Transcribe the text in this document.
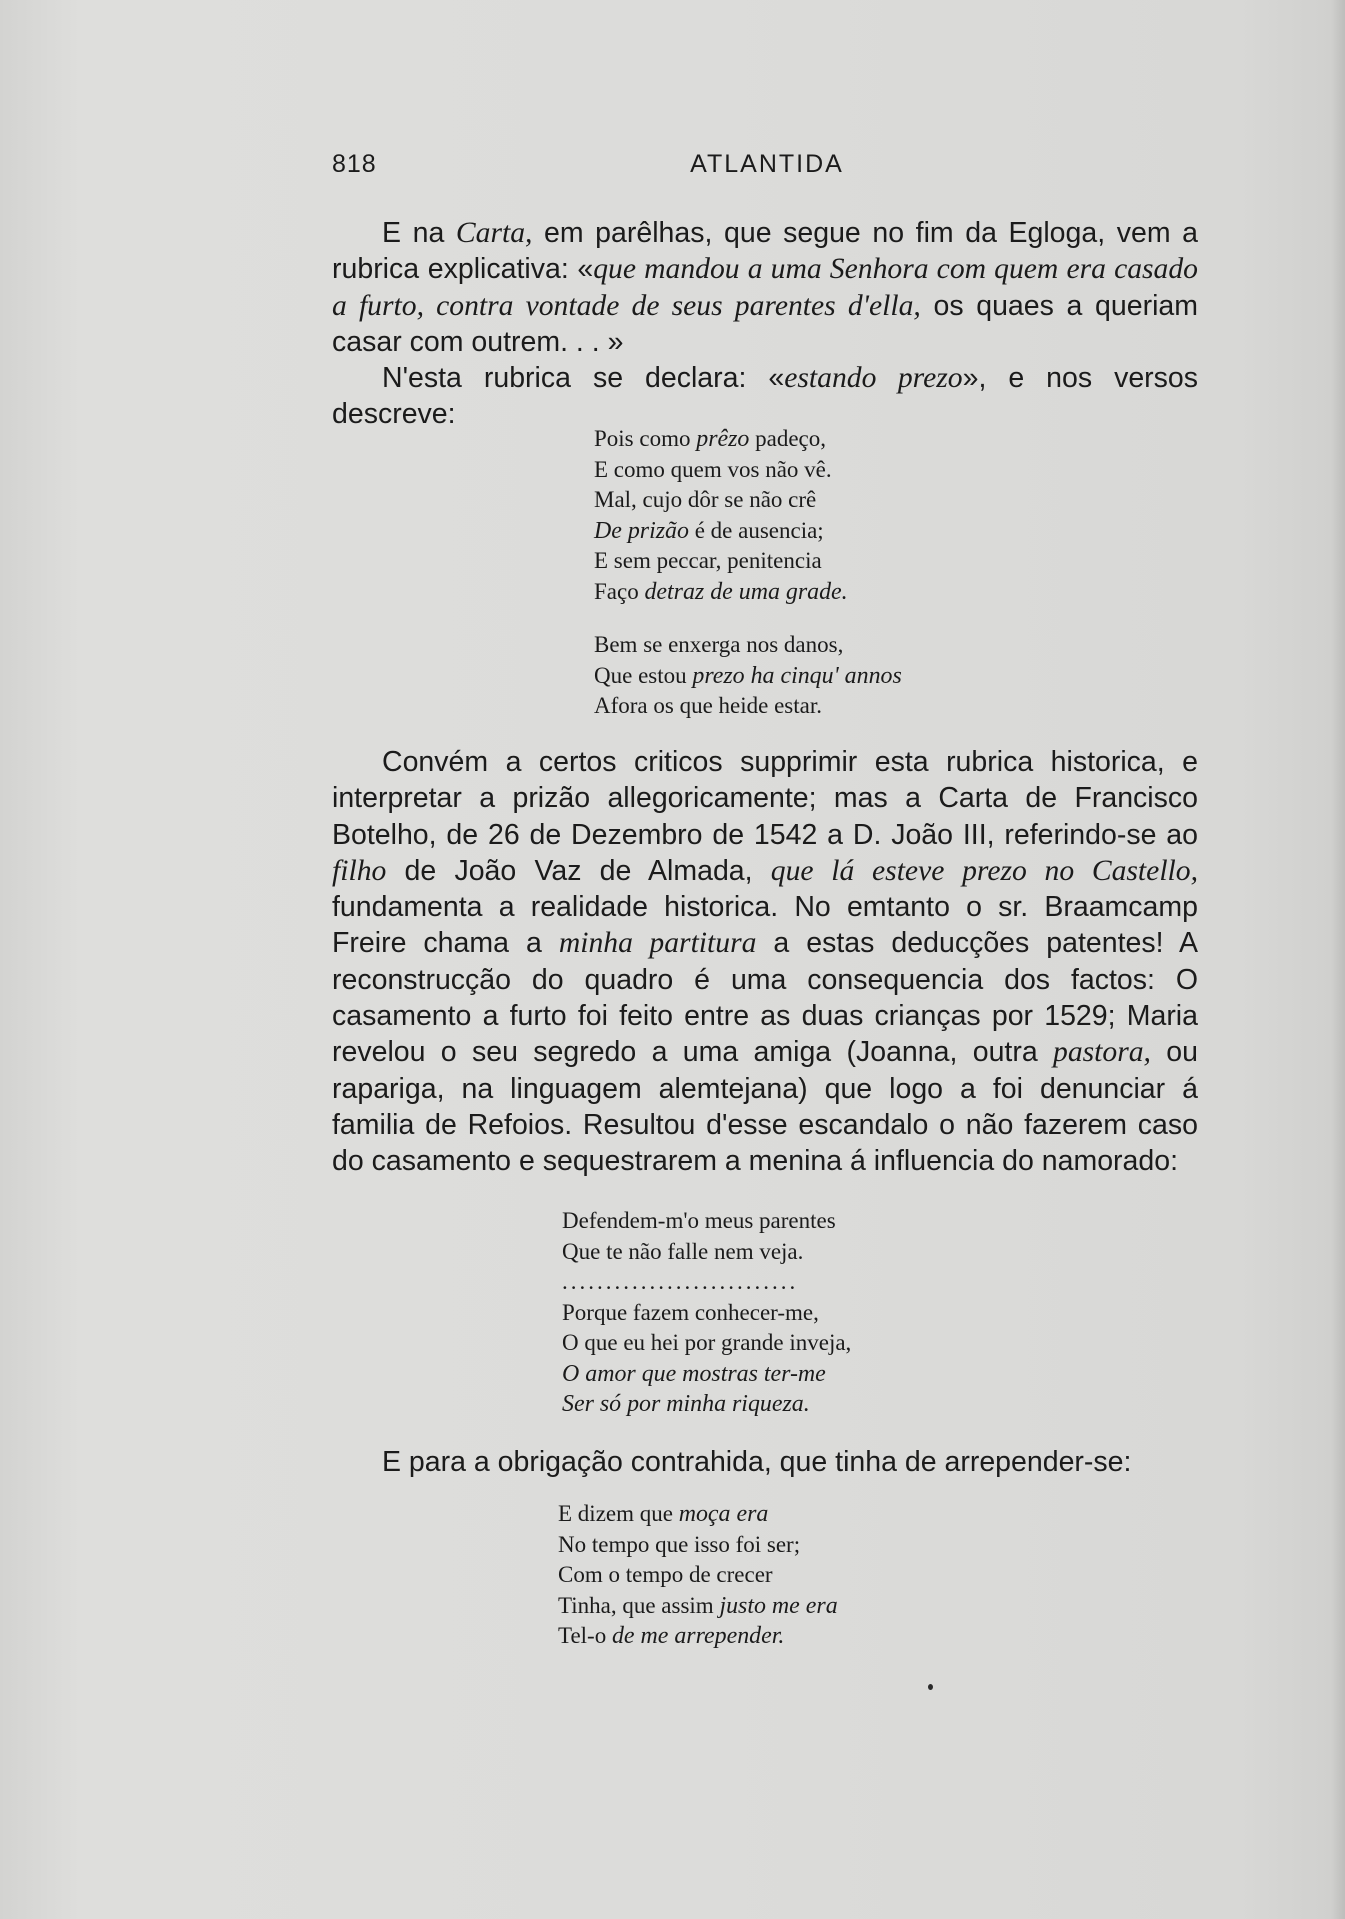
818	ATLANTIDA

E na Carta, em parêlhas, que segue no fim da Egloga, vem a rubrica explicativa: «que mandou a uma Senhora com quem era casado a furto, contra vontade de seus parentes d'ella, os quaes a queriam casar com outrem. . . »

N'esta rubrica se declara: «estando prezo», e nos versos descreve:

Pois como prêzo padeço,
E como quem vos não vê.
Mal, cujo dôr se não crê
De prizão é de ausencia;
E sem peccar, penitencia
Faço detraz de uma grade.
Bem se enxerga nos danos,
Que estou prezo ha cinqu' annos
Afora os que heide estar.

Convém a certos criticos supprimir esta rubrica historica, e interpretar a prizão allegoricamente; mas a Carta de Francisco Botelho, de 26 de Dezembro de 1542 a D. João III, referindo-se ao filho de João Vaz de Almada, que lá esteve prezo no Castello, fundamenta a realidade historica. No emtanto o sr. Braamcamp Freire chama a minha partitura a estas deducções patentes! A reconstrucção do quadro é uma consequencia dos factos: O casamento a furto foi feito entre as duas crianças por 1529; Maria revelou o seu segredo a uma amiga (Joanna, outra pastora, ou rapariga, na linguagem alemtejana) que logo a foi denunciar á familia de Refoios. Resultou d'esse escandalo o não fazerem caso do casamento e sequestrarem a menina á influencia do namorado:

Defendem-m'o meus parentes
Que te não falle nem veja.
...........................
Porque fazem conhecer-me,
O que eu hei por grande inveja,
O amor que mostras ter-me
Ser só por minha riqueza.

E para a obrigação contrahida, que tinha de arrepender-se:

E dizem que moça era
No tempo que isso foi ser;
Com o tempo de crecer
Tinha, que assim justo me era
Tel-o de me arrepender.
